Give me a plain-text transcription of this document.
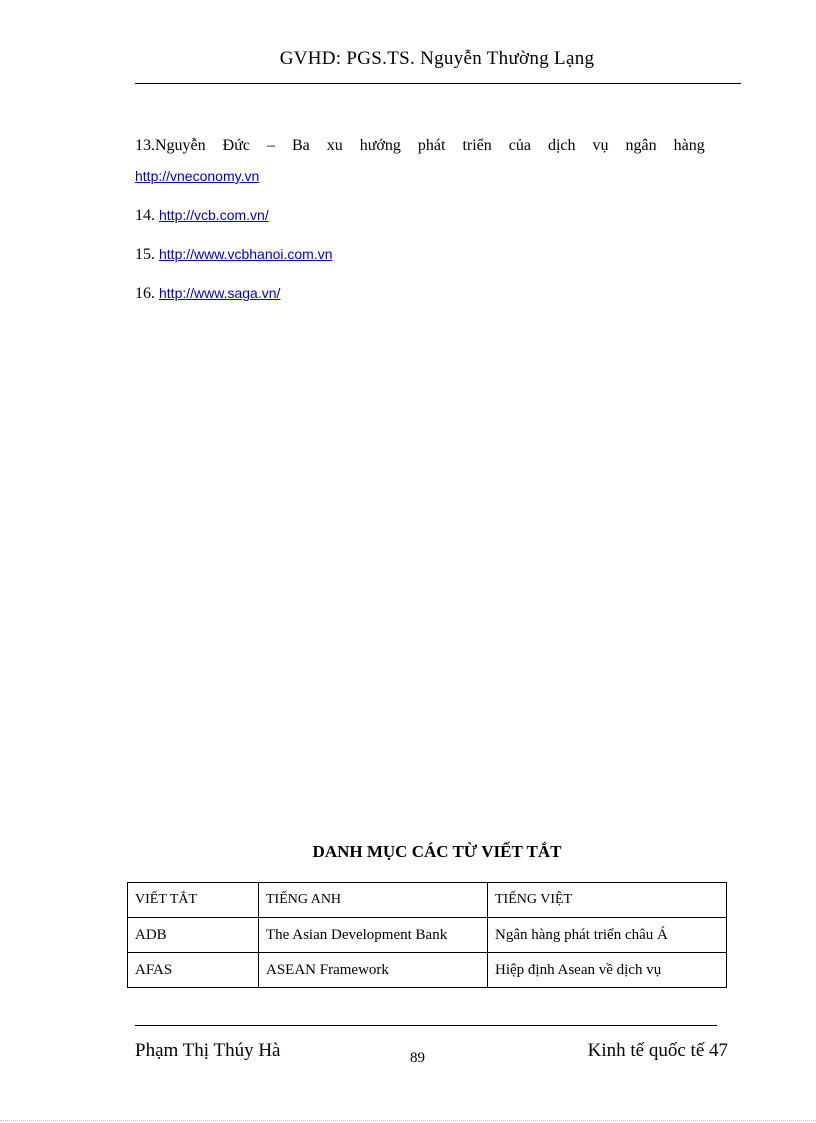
GVHD: PGS.TS. Nguyễn Thường Lạng

13.Nguyễn Đức – Ba xu hướng phát triển của dịch vụ ngân hàng
http://vneconomy.vn

14. http://vcb.com.vn/

15. http://www.vcbhanoi.com.vn

16. http://www.saga.vn/

DANH MỤC CÁC TỪ VIẾT TẮT
VIẾT TẮT	TIẾNG ANH	TIẾNG VIỆT
ADB	The Asian Development Bank	Ngân hàng phát triển châu Á
AFAS	ASEAN Framework	Hiệp định Asean về dịch vụ
Phạm Thị Thúy Hà	89	Kinh tế quốc tế 47
